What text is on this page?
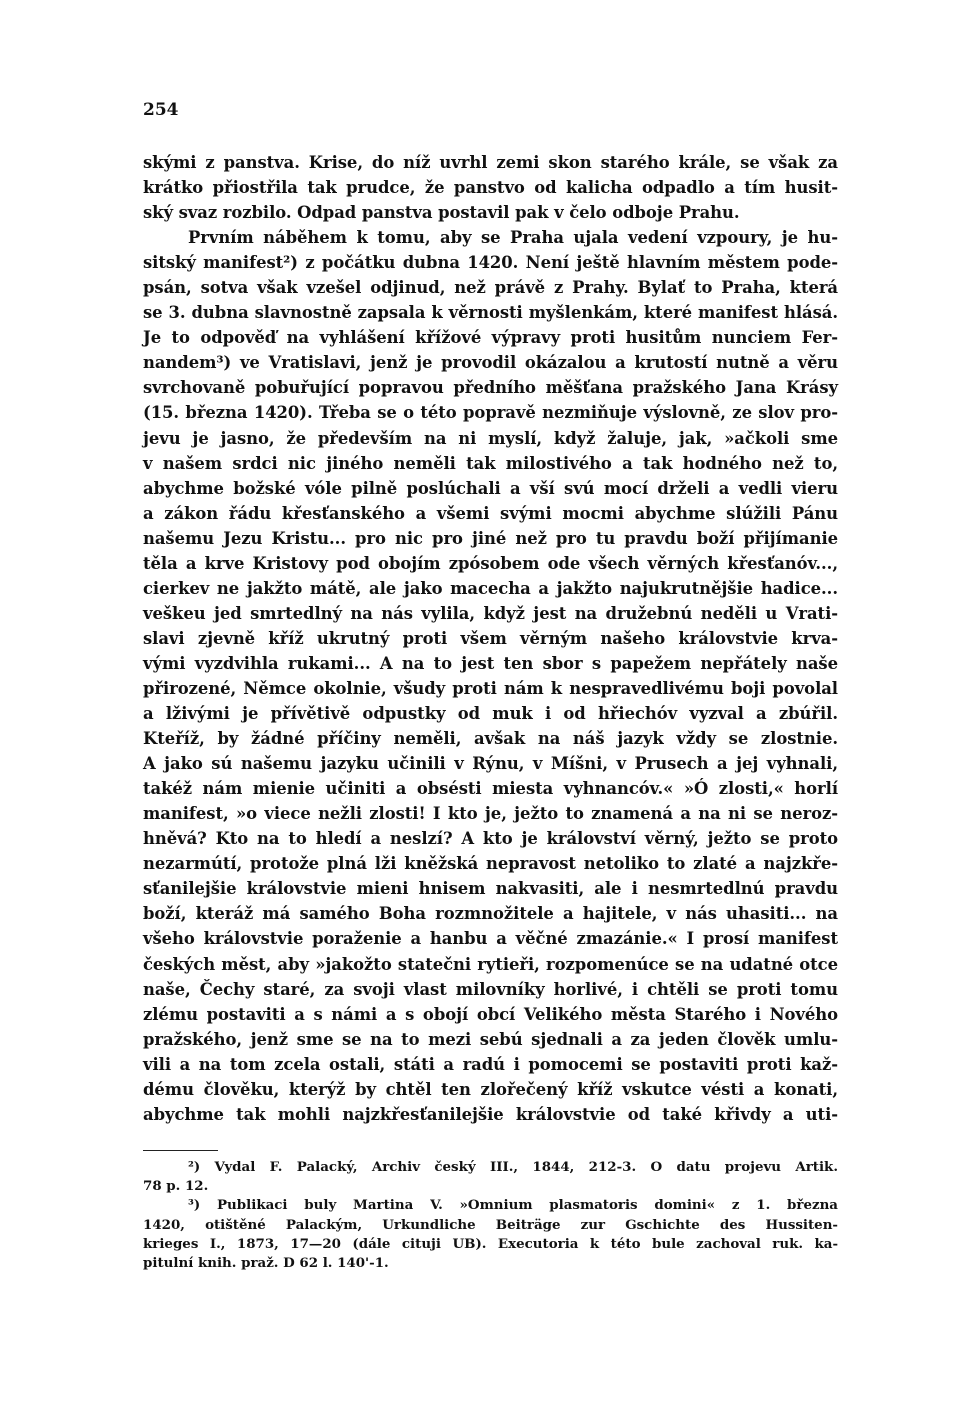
254
skými z panstva. Krise, do níž uvrhl zemi skon starého krále, se však za
krátko přiostřila tak prudce, že panstvo od kalicha odpadlo a tím husit-
ský svaz rozbilo. Odpad panstva postavil pak v čelo odboje Prahu.
Prvním náběhem k tomu, aby se Praha ujala vedení vzpoury, je hu-
sitský manifest²) z počátku dubna 1420. Není ještě hlavním městem pode-
psán, sotva však vzešel odjinud, než právě z Prahy. Bylať to Praha, která
se 3. dubna slavnostně zapsala k věrnosti myšlenkám, které manifest hlásá.
Je to odpověď na vyhlášení křížové výpravy proti husitům nunciem Fer-
nandem³) ve Vratislavi, jenž je provodil okázalou a krutostí nutně a věru
svrchovaně pobuřující popravou předního měšťana pražského Jana Krásy
(15. března 1420). Třeba se o této popravě nezmiňuje výslovně, ze slov pro-
jevu je jasno, že především na ni myslí, když žaluje, jak, »ačkoli sme
v našem srdci nic jiného neměli tak milostivého a tak hodného než to,
abychme božské vóle pilně poslúchali a vší svú mocí drželi a vedli vieru
a zákon řádu křesťanského a všemi svými mocmi abychme slúžili Pánu
našemu Jezu Kristu... pro nic pro jiné než pro tu pravdu boží přijímanie
těla a krve Kristovy pod obojím zpósobem ode všech věrných křesťanóv...,
cierkev ne jakžto mátě, ale jako macecha a jakžto najukrutnějšie hadice...
veškeu jed smrtedlný na nás vylila, když jest na družebnú neděli u Vrati-
slavi zjevně kříž ukrutný proti všem věrným našeho královstvie krva-
vými vyzdvihla rukami... A na to jest ten sbor s papežem nepřátely naše
přirozené, Němce okolnie, všudy proti nám k nespravedlivému boji povolal
a lživými je přívětivě odpustky od muk i od hřiechóv vyzval a zbúřil.
Kteříž, by žádné příčiny neměli, avšak na náš jazyk vždy se zlostnie.
A jako sú našemu jazyku učinili v Rýnu, v Míšni, v Prusech a jej vyhnali,
takéž nám mienie učiniti a obsésti miesta vyhnancóv.« »Ó zlosti,« horlí
manifest, »o viece nežli zlosti! I kto je, ježto to znamená a na ni se nerоz-
hněvá? Kto na to hledí a neslzí? A kto je království věrný, ježto se proto
nezarmútí, protože plná lži kněžská nepravost netoliko to zlaté a najzkře-
sťanilejšie královstvie mieni hnisem nakvasiti, ale i nesmrtedlnú pravdu
boží, kteráž má samého Boha rozmnožitele a hajitele, v nás uhasiti... na
všeho královstvie poraženie a hanbu a věčné zmazánie.« I prosí manifest
českých měst, aby »jakožto statečni rytieři, rozpomenúce se na udatné otce
naše, Čechy staré, za svoji vlast milovníky horlivé, i chtěli se proti tomu
zlému postaviti a s námi a s obojí obcí Velikého města Starého i Nového
pražského, jenž sme se na to mezi sebú sjednali a za jeden člověk umlu-
vili a na tom zcela ostali, státi a radú i pomocemi se postaviti proti kaž-
dému člověku, kterýž by chtěl ten zlořečený kříž vskutce vésti a konati,
abychme tak mohli najzkřesťanilejšie královstvie od také křivdy a uti-
²) Vydal F. Palacký, Archiv český III., 1844, 212-3. O datu projevu Artik.
78 p. 12.
³) Publikaci buly Martina V. »Omnium plasmatoris domini« z 1. března
1420, otištěné Palackým, Urkundliche Beiträge zur Gschichte des Hussiten-
krieges I., 1873, 17—20 (dále cituji UB). Executoria k této bule zachoval ruk. ka-
pitulní knih. praž. D 62 l. 140'-1.
